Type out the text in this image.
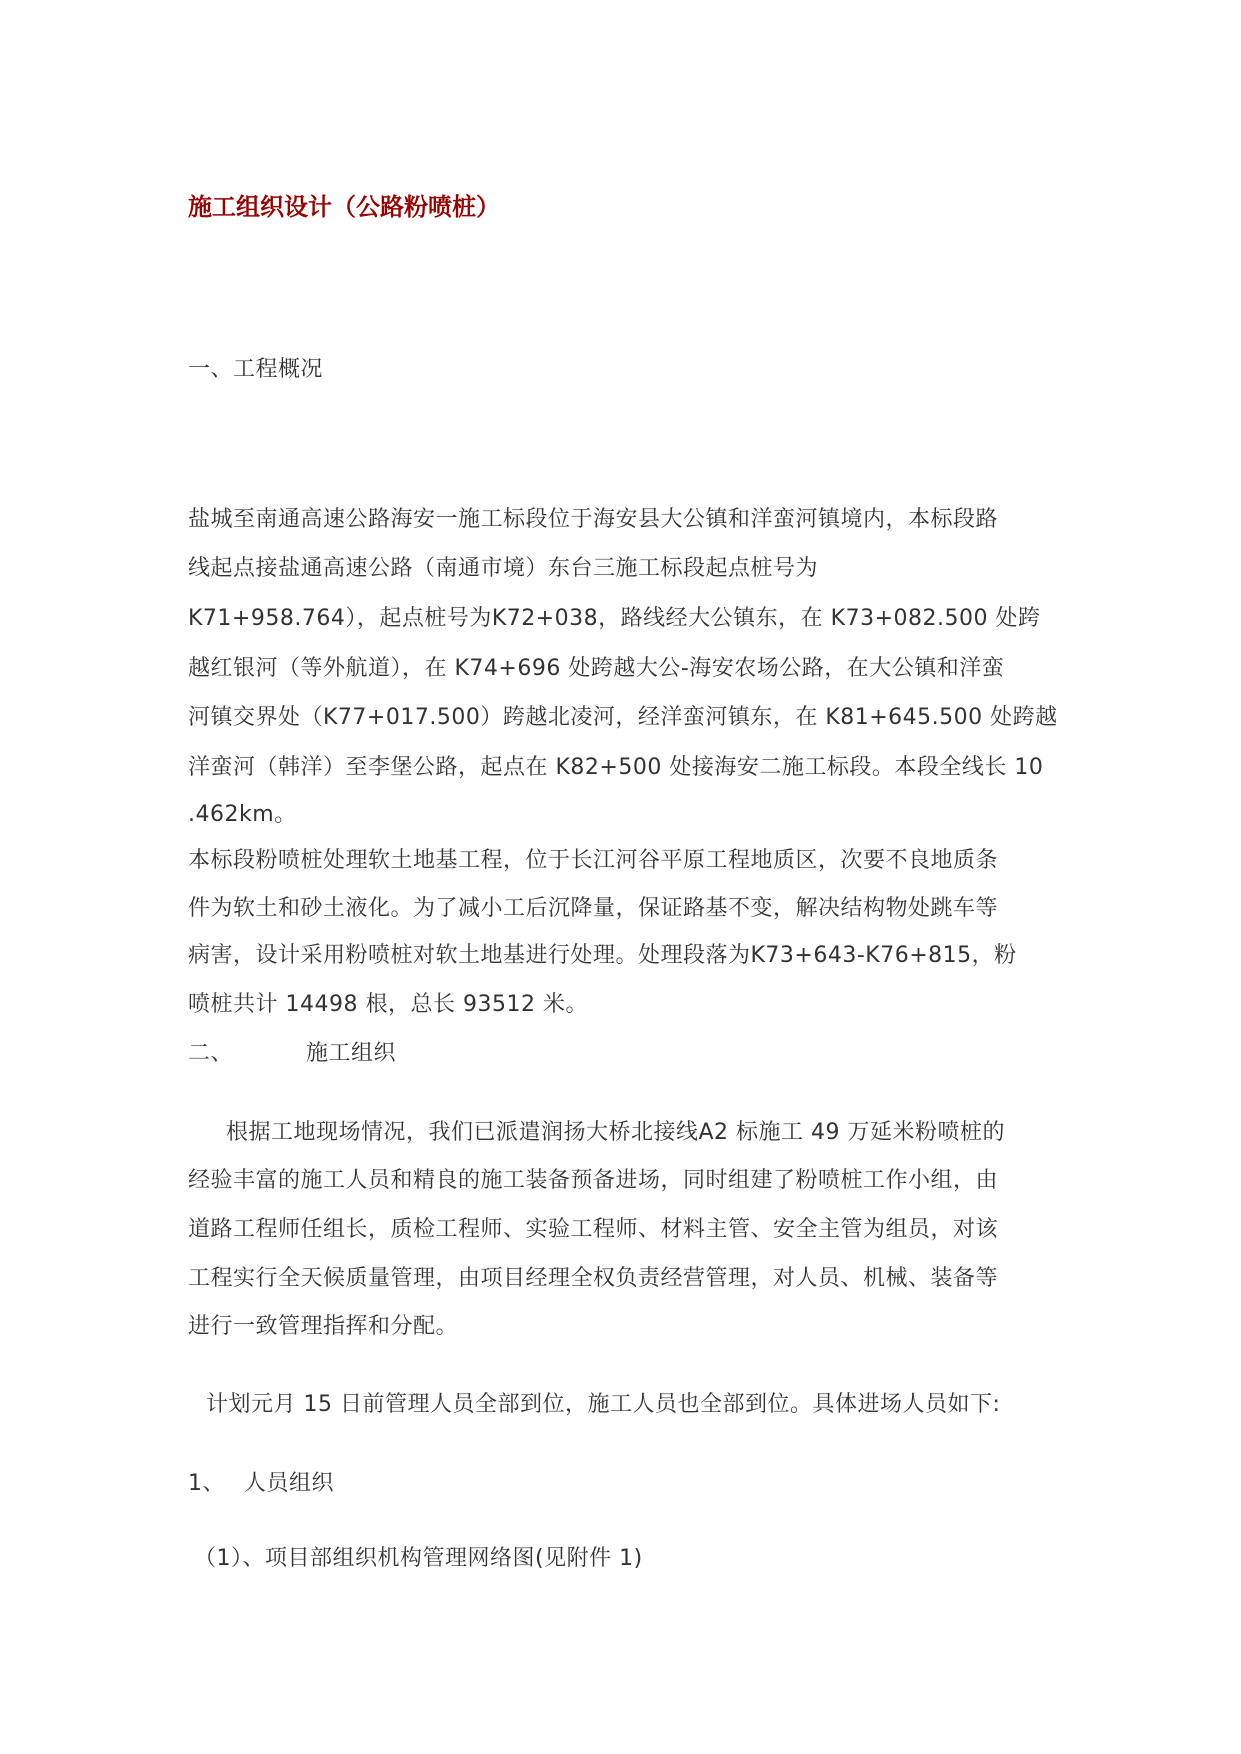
施工组织设计（公路粉喷桩）
一、工程概况
盐城至南通高速公路海安一施工标段位于海安县大公镇和洋蛮河镇境内，本标段路
线起点接盐通高速公路（南通市境）东台三施工标段起点桩号为
K71+958.764），起点桩号为K72+038，路线经大公镇东，在 K73+082.500 处跨
越红银河（等外航道），在 K74+696 处跨越大公-海安农场公路，在大公镇和洋蛮
河镇交界处（K77+017.500）跨越北凌河，经洋蛮河镇东，在 K81+645.500 处跨越
洋蛮河（韩洋）至李堡公路，起点在 K82+500 处接海安二施工标段。本段全线长 10
.462km。
本标段粉喷桩处理软土地基工程，位于长江河谷平原工程地质区，次要不良地质条
件为软土和砂土液化。为了减小工后沉降量，保证路基不变，解决结构物处跳车等
病害，设计采用粉喷桩对软土地基进行处理。处理段落为K73+643-K76+815，粉
喷桩共计 14498 根，总长 93512 米。
二、	施工组织
根据工地现场情况，我们已派遣润扬大桥北接线A2 标施工 49 万延米粉喷桩的
经验丰富的施工人员和精良的施工装备预备进场，同时组建了粉喷桩工作小组，由
道路工程师任组长，质检工程师、实验工程师、材料主管、安全主管为组员，对该
工程实行全天候质量管理，由项目经理全权负责经营管理，对人员、机械、装备等
进行一致管理指挥和分配。
计划元月 15 日前管理人员全部到位，施工人员也全部到位。具体进场人员如下:
1、 人员组织
（1）、项目部组织机构管理网络图(见附件 1)
